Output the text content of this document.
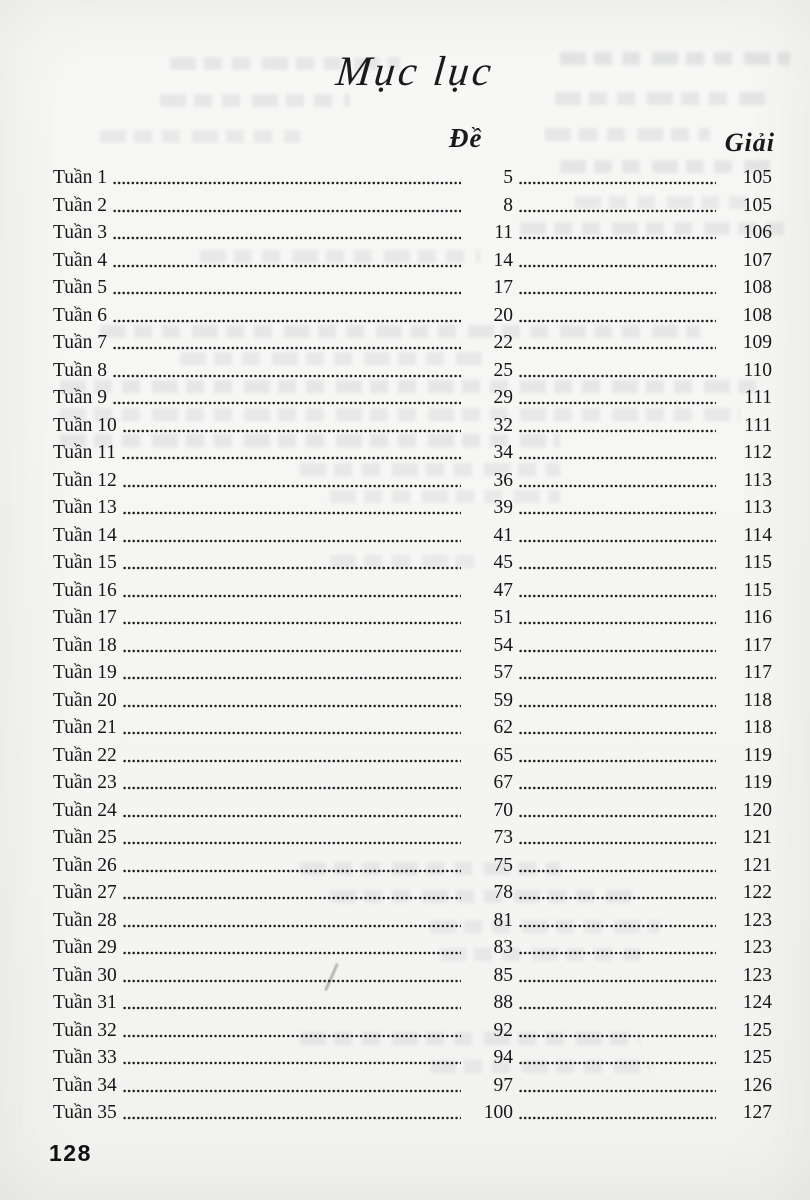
Mục lục
Đề	Giải
Tuần 1	5	105
Tuần 2	8	105
Tuần 3	11	106
Tuần 4	14	107
Tuần 5	17	108
Tuần 6	20	108
Tuần 7	22	109
Tuần 8	25	110
Tuần 9	29	111
Tuần 10	32	111
Tuần 11	34	112
Tuần 12	36	113
Tuần 13	39	113
Tuần 14	41	114
Tuần 15	45	115
Tuần 16	47	115
Tuần 17	51	116
Tuần 18	54	117
Tuần 19	57	117
Tuần 20	59	118
Tuần 21	62	118
Tuần 22	65	119
Tuần 23	67	119
Tuần 24	70	120
Tuần 25	73	121
Tuần 26	75	121
Tuần 27	78	122
Tuần 28	81	123
Tuần 29	83	123
Tuần 30	85	123
Tuần 31	88	124
Tuần 32	92	125
Tuần 33	94	125
Tuần 34	97	126
Tuần 35	100	127
128
